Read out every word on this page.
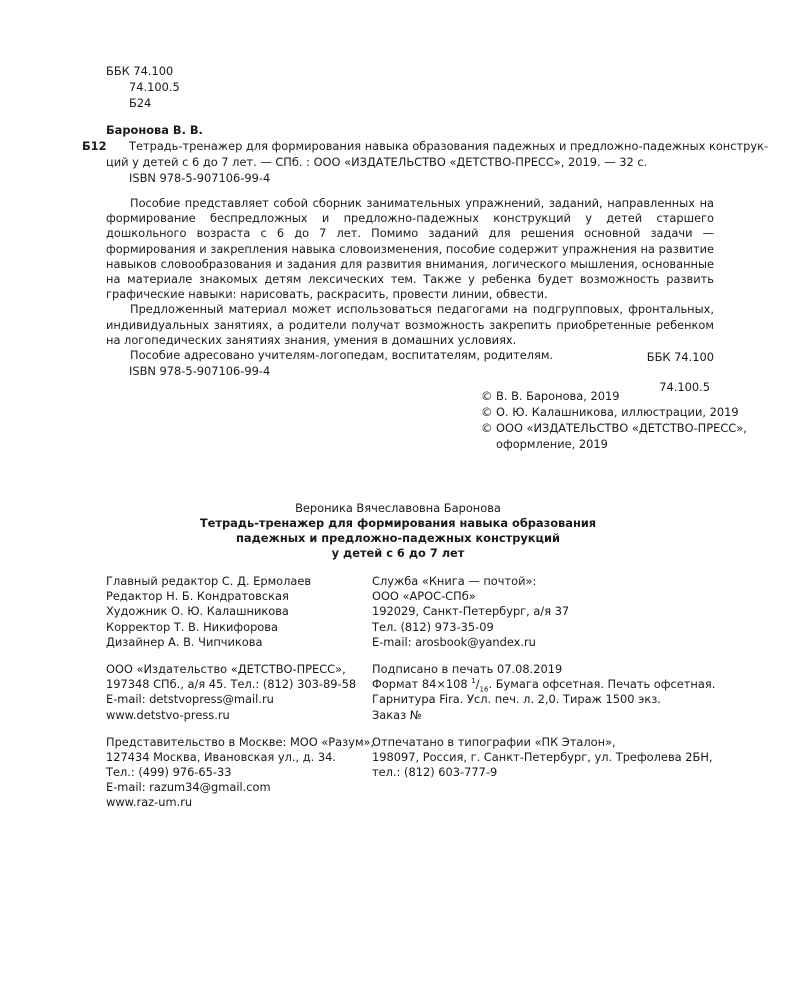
ББК 74.100
74.100.5
Б24
Баронова В. В.
Б12 Тетрадь-тренажер для формирования навыка образования падежных и предложно-падежных конструк-
ций у детей с 6 до 7 лет. — СПб. : ООО «ИЗДАТЕЛЬСТВО «ДЕТСТВО-ПРЕСС», 2019. — 32 с.
ISBN 978-5-907106-99-4

Пособие представляет собой сборник занимательных упражнений, заданий, направленных на формирование беспредложных и предложно-падежных конструкций у детей старшего дошкольного возраста с 6 до 7 лет. Помимо заданий для решения основной задачи — формирования и закрепления навыка словоизменения, пособие содержит упражнения на развитие навыков словообразования и задания для развития внимания, логического мышления, основанные на материале знакомых детям лексических тем. Также у ребенка будет возможность развить графические навыки: нарисовать, раскрасить, провести линии, обвести.

Предложенный материал может использоваться педагогами на подгрупповых, фронтальных, индивидуальных занятиях, а родители получат возможность закрепить приобретенные ребенком на логопедических занятиях знания, умения в домашних условиях.

Пособие адресовано учителям-логопедам, воспитателям, родителям.	ББК 74.100
ISBN 978-5-907106-99-4
74.100.5
© В. В. Баронова, 2019
© О. Ю. Калашникова, иллюстрации, 2019
© ООО «ИЗДАТЕЛЬСТВО «ДЕТСТВО-ПРЕСС»,
оформление, 2019
Вероника Вячеславовна Баронова
Тетрадь-тренажер для формирования навыка образования
падежных и предложно-падежных конструкций
у детей с 6 до 7 лет
Главный редактор С. Д. Ермолаев
Редактор Н. Б. Кондратовская
Художник О. Ю. Калашникова
Корректор Т. В. Никифорова
Дизайнер А. В. Чипчикова
ООО «Издательство «ДЕТСТВО-ПРЕСС»,
197348 СПб., а/я 45. Тел.: (812) 303-89-58
E-mail: detstvopress@mail.ru
www.detstvo-press.ru
Представительство в Москве: МОО «Разум»,
127434 Москва, Ивановская ул., д. 34.
Тел.: (499) 976-65-33
E-mail: razum34@gmail.com
www.raz-um.ru
Служба «Книга — почтой»:
ООО «АРОС-СПб»
192029, Санкт-Петербург, а/я 37
Тел. (812) 973-35-09
E-mail: arosbook@yandex.ru
Подписано в печать 07.08.2019
Формат 84×108 $^1/_{16}$. Бумага офсетная. Печать офсетная.
Гарнитура Fira. Усл. печ. л. 2,0. Тираж 1500 экз.
Заказ №
Отпечатано в типографии «ПК Эталон»,
198097, Россия, г. Санкт-Петербург, ул. Трефолева 2БН,
тел.: (812) 603-777-9
